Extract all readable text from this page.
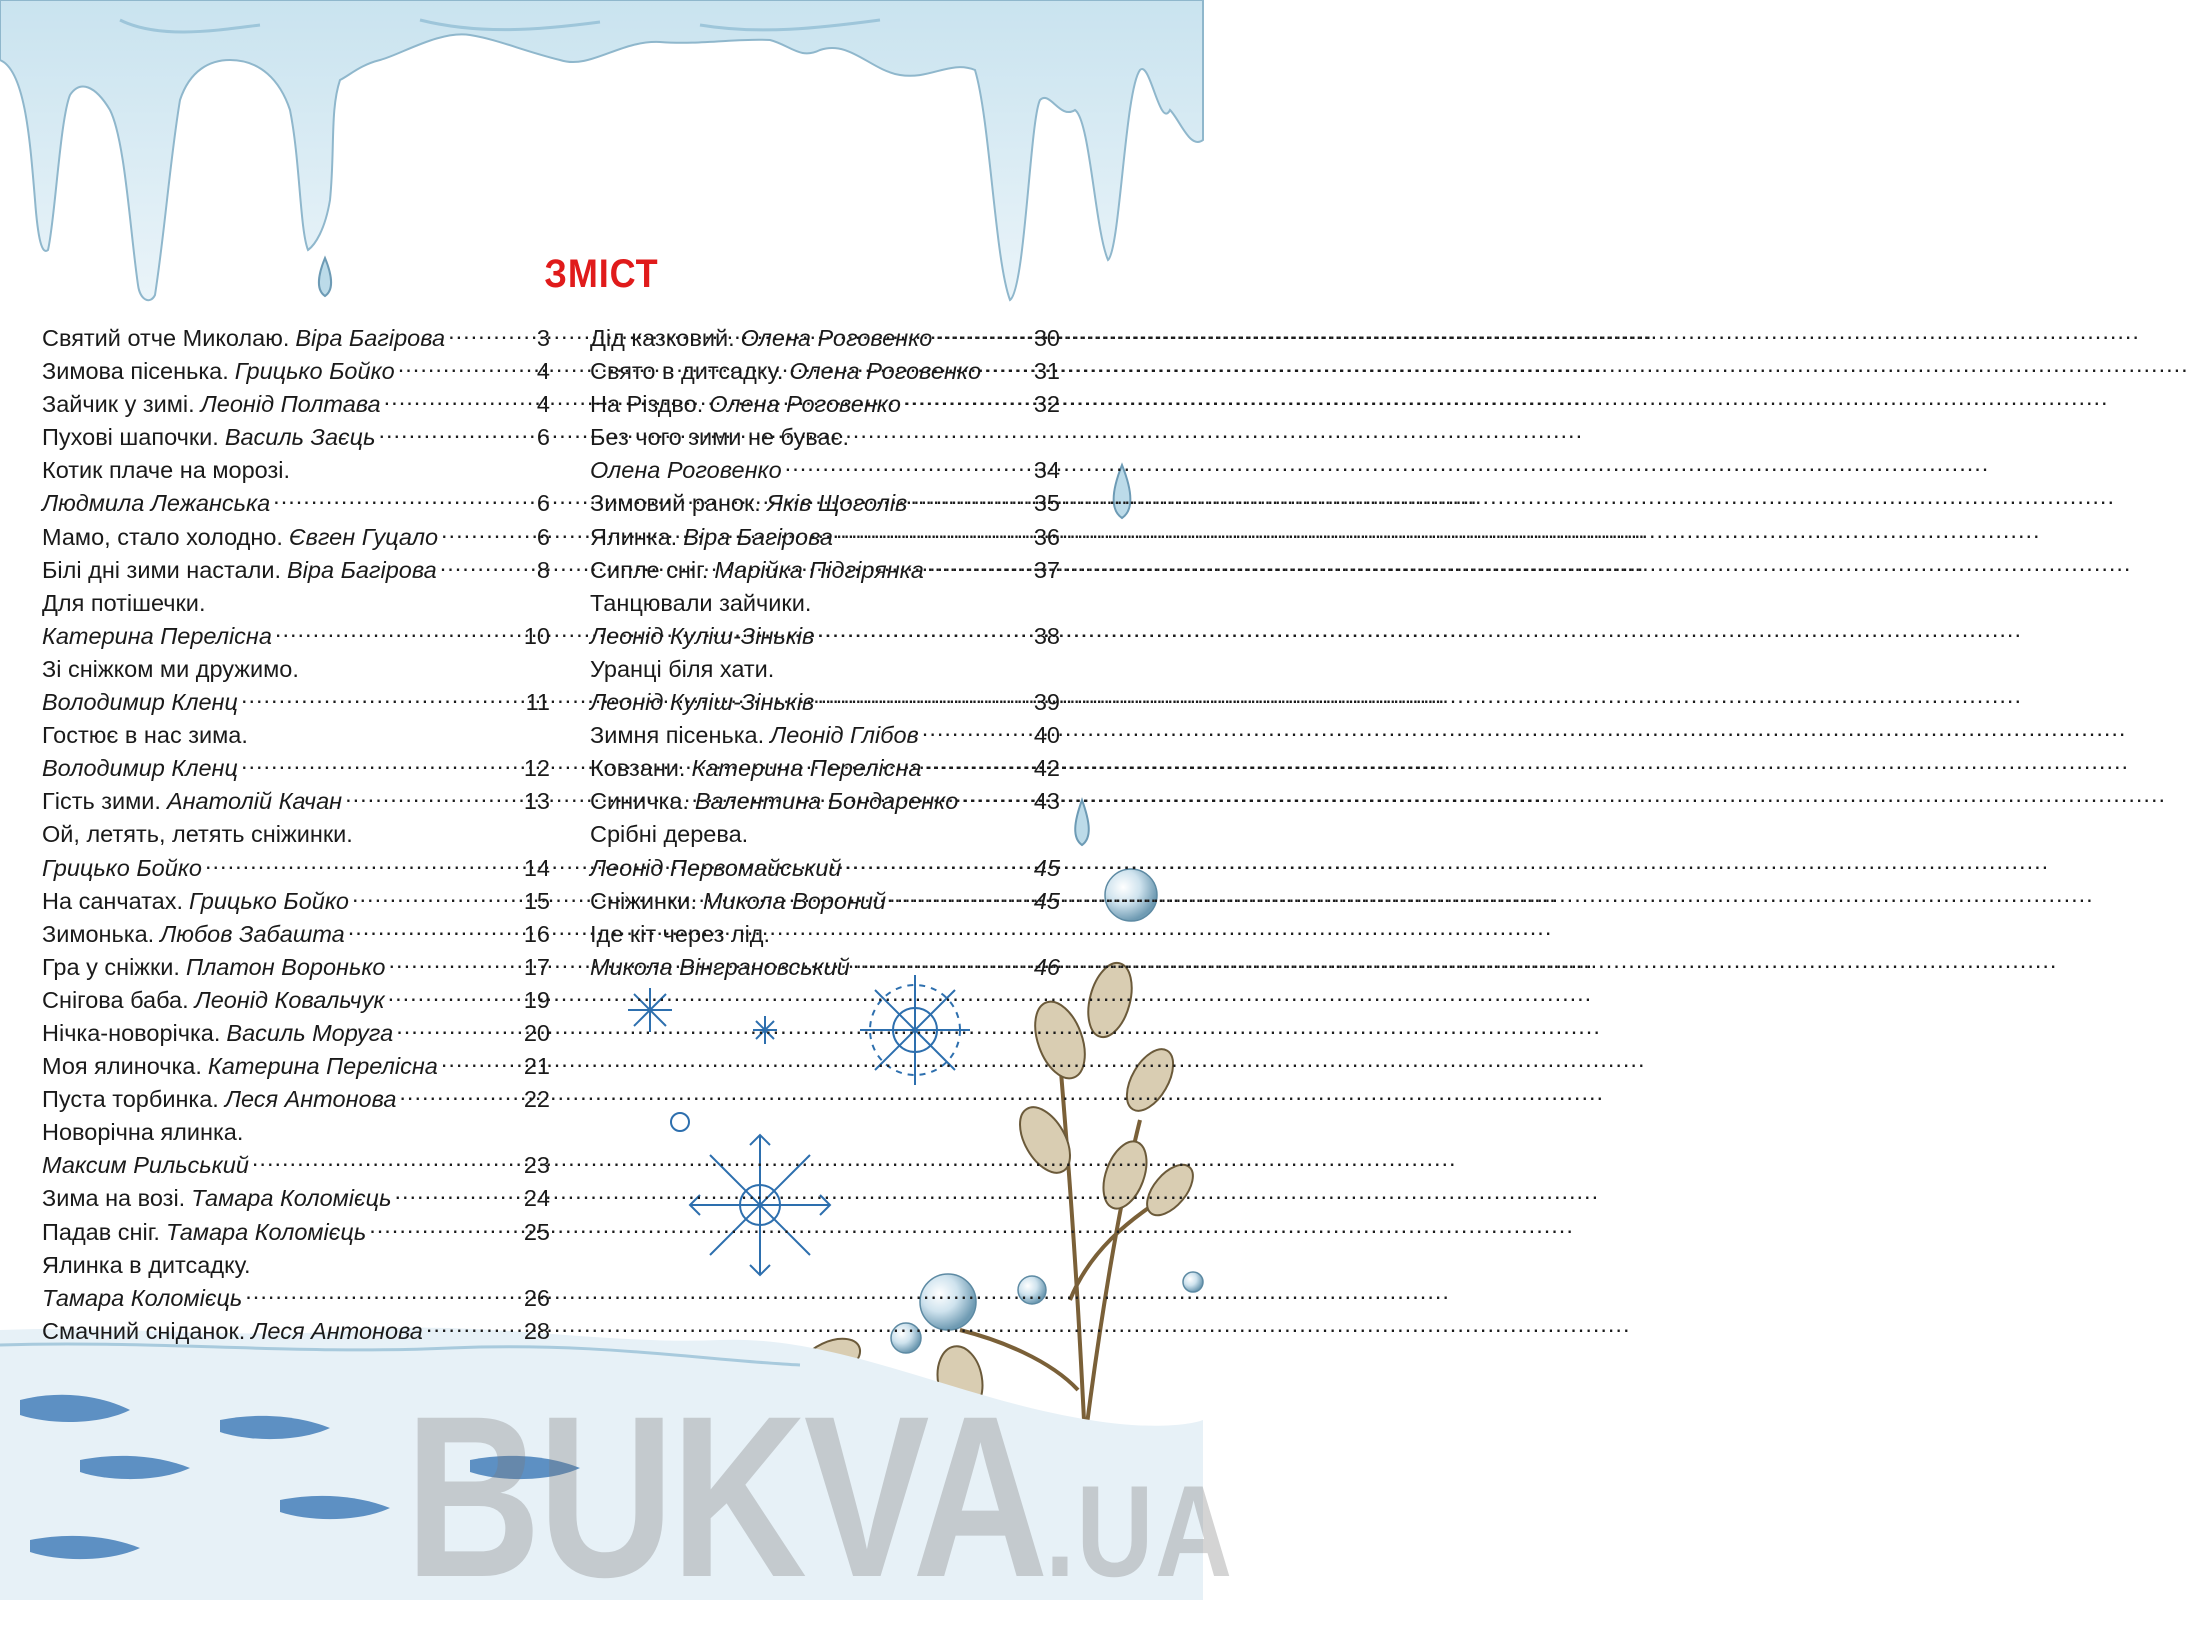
ЗМІСТ
Святий отче Миколаю. Віра Багірова .....	3
Зимова пісенька. Грицько Бойко .....	4
Зайчик у зимі. Леонід Полтава .....	4
Пухові шапочки. Василь Заєць .....	6
Котик плаче на морозі.
Людмила Лежанська .....	6
Мамо, стало холодно. Євген Гуцало .....	6
Білі дні зими настали. Віра Багірова .....	8
Для потішечки.
Катерина Перелісна .....	10
Зі сніжком ми дружимо.
Володимир Кленц .....	11
Гостює в нас зима.
Володимир Кленц .....	12
Гість зими. Анатолій Качан .....	13
Ой, летять, летять сніжинки.
Грицько Бойко .....	14
На санчатах. Грицько Бойко .....	15
Зимонька. Любов Забашта .....	16
Гра у сніжки. Платон Воронько .....	17
Снігова баба. Леонід Ковальчук .....	19
Нічка-новорічка. Василь Моруга .....	20
Моя ялиночка. Катерина Перелісна .....	21
Пуста торбинка. Леся Антонова .....	22
Новорічна ялинка.
Максим Рильський .....	23
Зима на возі. Тамара Коломієць .....	24
Падав сніг. Тамара Коломієць .....	25
Ялинка в дитсадку.
Тамара Коломієць .....	26
Смачний сніданок. Леся Антонова .....	28
Дід казковий. Олена Роговенко .....	30
Свято в дитсадку. Олена Роговенко ..... 31
На Різдво. Олена Роговенко .....	32
Без чого зими не буває.
Олена Роговенко .....	34
Зимовий ранок. Яків Щоголів .....	35
Ялинка. Віра Багірова .....	36
Сипле сніг. Марійка Підгірянка .....	37
Танцювали зайчики.
Леонід Куліш-Зіньків .....	38
Уранці біля хати.
Леонід Куліш-Зіньків .....	39
Зимня пісенька. Леонід Глібов .....	40
Ковзани. Катерина Перелісна .....	42
Синичка. Валентина Бондаренко .....	43
Срібні дерева.
Леонід Первомайський .....	45
Сніжинки. Микола Вороний .....	45
Іде кіт через лід.
Микола Вінграновський .....	46
BUKVA.UA
